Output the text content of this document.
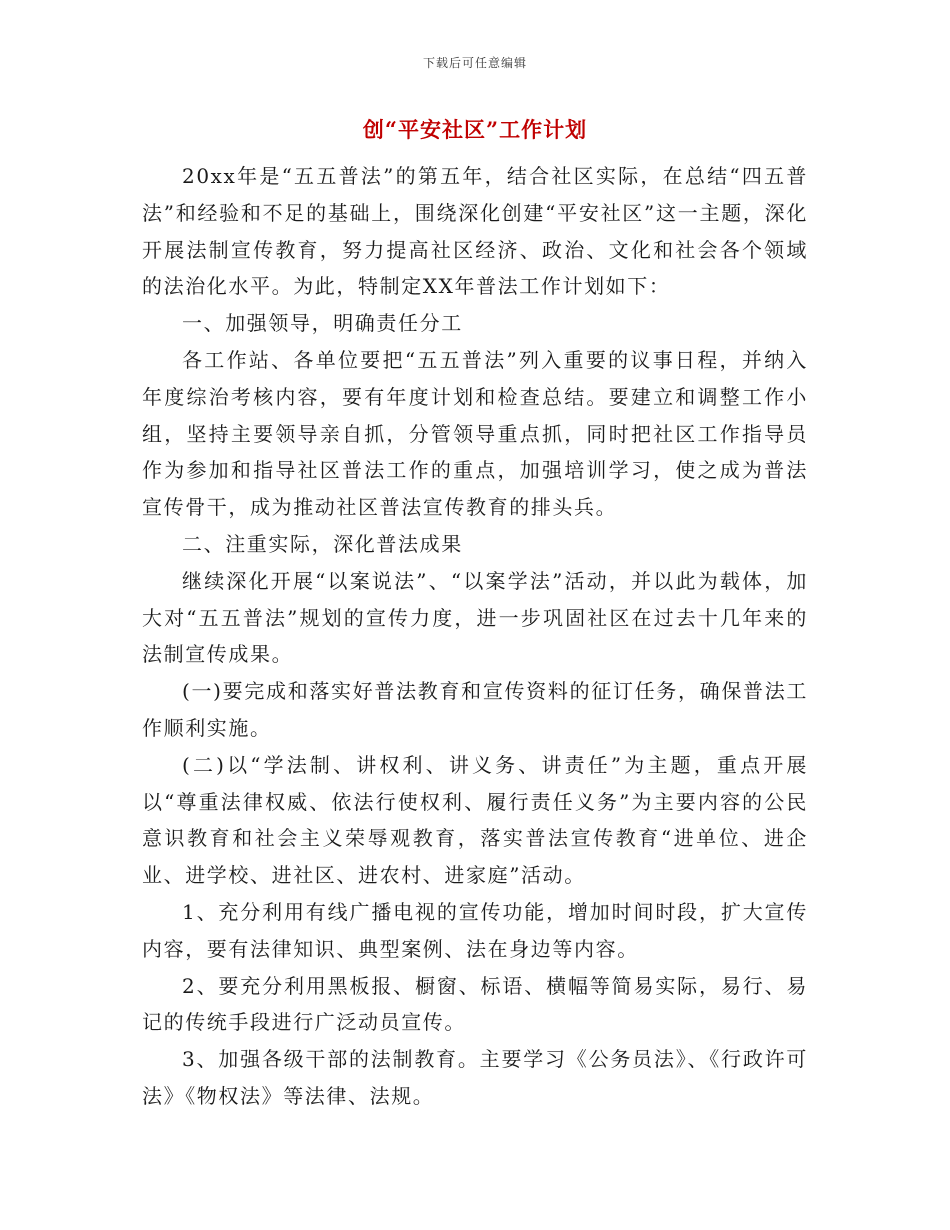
下载后可任意编辑
创“平安社区”工作计划

20xx年是“五五普法”的第五年，结合社区实际，在总结“四五普法”和经验和不足的基础上，围绕深化创建“平安社区”这一主题，深化开展法制宣传教育，努力提高社区经济、政治、文化和社会各个领域的法治化水平。为此，特制定XX年普法工作计划如下：

一、加强领导，明确责任分工

各工作站、各单位要把“五五普法”列入重要的议事日程，并纳入年度综治考核内容，要有年度计划和检查总结。要建立和调整工作小组，坚持主要领导亲自抓，分管领导重点抓，同时把社区工作指导员作为参加和指导社区普法工作的重点，加强培训学习，使之成为普法宣传骨干，成为推动社区普法宣传教育的排头兵。

二、注重实际，深化普法成果

继续深化开展“以案说法”、“以案学法”活动，并以此为载体，加大对“五五普法”规划的宣传力度，进一步巩固社区在过去十几年来的法制宣传成果。

(一)要完成和落实好普法教育和宣传资料的征订任务，确保普法工作顺利实施。

(二)以“学法制、讲权利、讲义务、讲责任”为主题，重点开展以“尊重法律权威、依法行使权利、履行责任义务”为主要内容的公民意识教育和社会主义荣辱观教育，落实普法宣传教育“进单位、进企业、进学校、进社区、进农村、进家庭”活动。

1、充分利用有线广播电视的宣传功能，增加时间时段，扩大宣传内容，要有法律知识、典型案例、法在身边等内容。

2、要充分利用黑板报、橱窗、标语、横幅等简易实际，易行、易记的传统手段进行广泛动员宣传。

3、加强各级干部的法制教育。主要学习《公务员法》、《行政许可法》《物权法》等法律、法规。
